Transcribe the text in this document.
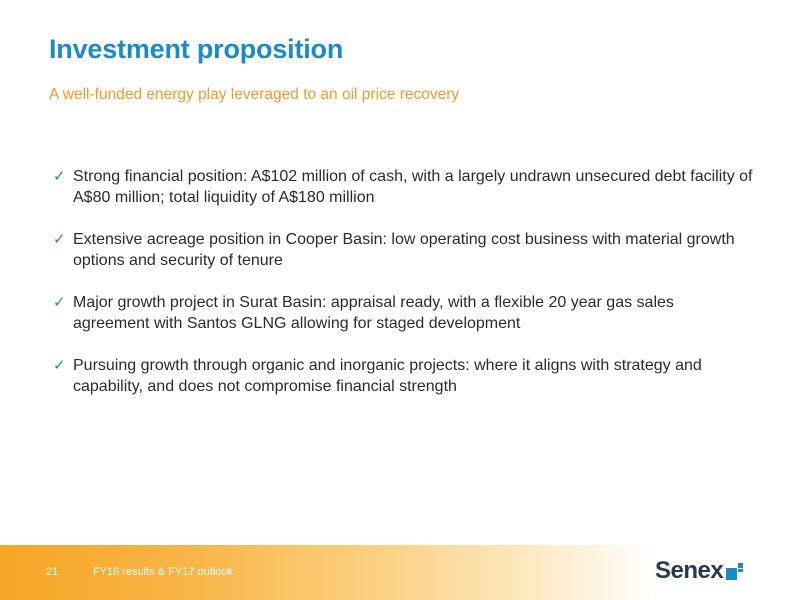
Investment proposition

A well-funded energy play leveraged to an oil price recovery

✓ Strong financial position: A$102 million of cash, with a largely undrawn unsecured debt facility of A$80 million; total liquidity of A$180 million
✓ Extensive acreage position in Cooper Basin: low operating cost business with material growth options and security of tenure
✓ Major growth project in Surat Basin: appraisal ready, with a flexible 20 year gas sales agreement with Santos GLNG allowing for staged development
✓ Pursuing growth through organic and inorganic projects: where it aligns with strategy and capability, and does not compromise financial strength
21	FY16 results & FY17 outlook	Senex
